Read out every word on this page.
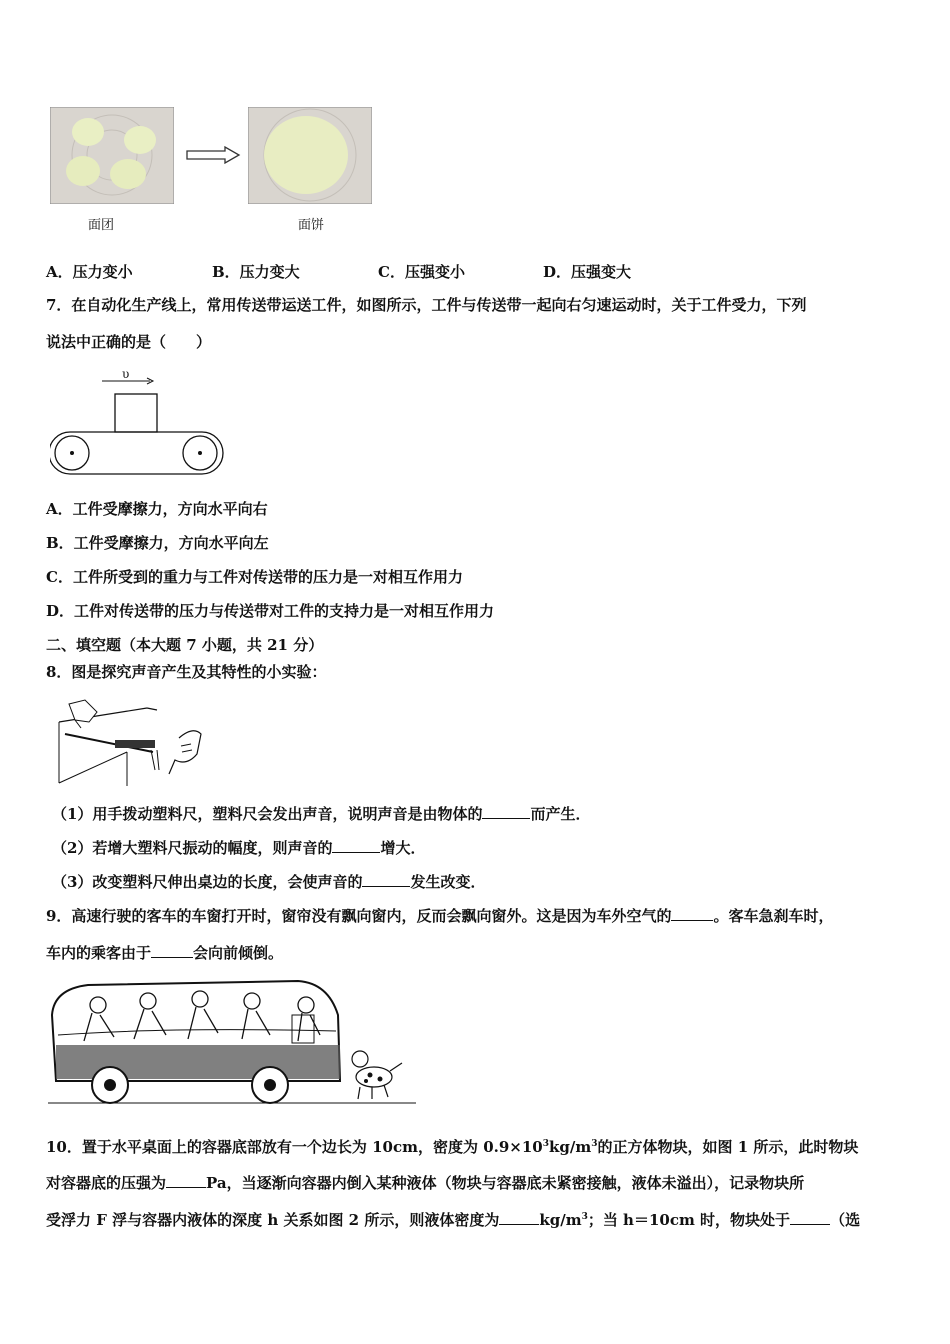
面团	面饼
A．压力变小	B．压力变大	C．压强变小	D．压强变大
7．在自动化生产线上，常用传送带运送工件，如图所示，工件与传送带一起向右匀速运动时，关于工件受力，下列
说法中正确的是（　　）
υ
A．工件受摩擦力，方向水平向右
B．工件受摩擦力，方向水平向左
C．工件所受到的重力与工件对传送带的压力是一对相互作用力
D．工件对传送带的压力与传送带对工件的支持力是一对相互作用力
二、填空题（本大题 7 小题，共 21 分）
8．图是探究声音产生及其特性的小实验：
（1）用手拨动塑料尺，塑料尺会发出声音，说明声音是由物体的	而产生．
（2）若增大塑料尺振动的幅度，则声音的	增大．
（3）改变塑料尺伸出桌边的长度，会使声音的	发生改变．
9．高速行驶的客车的车窗打开时，窗帘没有飘向窗内，反而会飘向窗外。这是因为车外空气的	。客车急刹车时，
车内的乘客由于	会向前倾倒。
10．置于水平桌面上的容器底部放有一个边长为 10cm，密度为 $0.9\times 10^3kg/m^3$的正方体物块，如图 1 所示，此时物块
对容器底的压强为	Pa，当逐渐向容器内倒入某种液体（物块与容器底未紧密接触，液体未溢出），记录物块所
受浮力 F 浮与容器内液体的深度 h 关系如图 2 所示，则液体密度为	$kg/m^3$；当 h＝10cm 时，物块处于	（选
